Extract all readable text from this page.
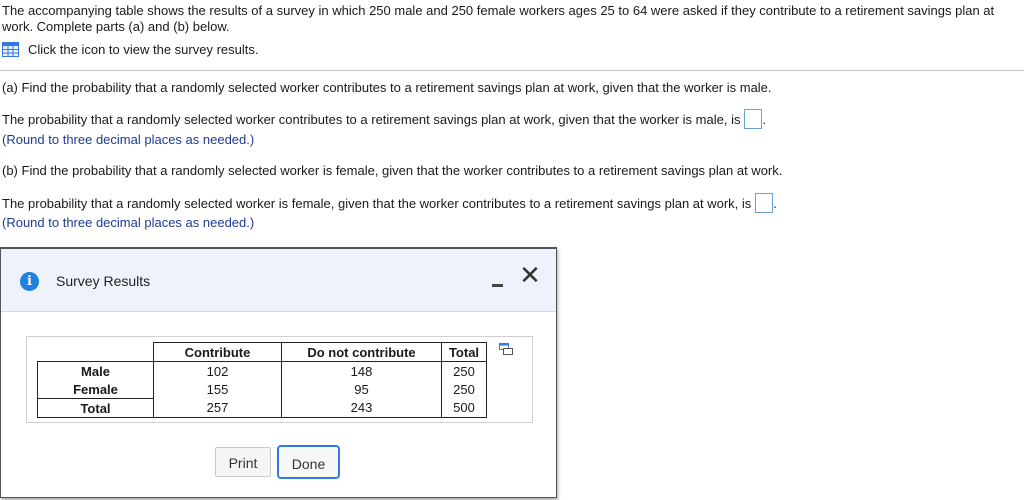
The accompanying table shows the results of a survey in which 250 male and 250 female workers ages 25 to 64 were asked if they contribute to a retirement savings plan at work. Complete parts (a) and (b) below.
Click the icon to view the survey results.
(a) Find the probability that a randomly selected worker contributes to a retirement savings plan at work, given that the worker is male.
The probability that a randomly selected worker contributes to a retirement savings plan at work, given that the worker is male, is .
(Round to three decimal places as needed.)
(b) Find the probability that a randomly selected worker is female, given that the worker contributes to a retirement savings plan at work.
The probability that a randomly selected worker is female, given that the worker contributes to a retirement savings plan at work, is .
(Round to three decimal places as needed.)
i	Survey Results	✕
	Contribute	Do not contribute	Total
Male	102	148	250
Female	155	95	250
Total	257	243	500
Print	Done
